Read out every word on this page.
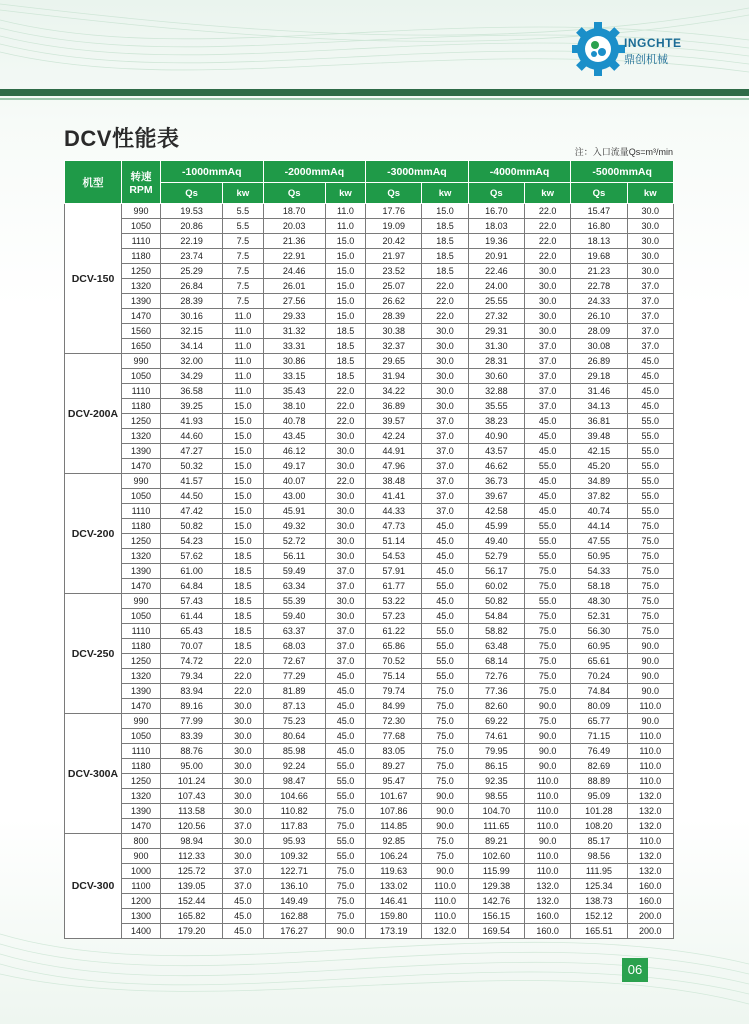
INGCHTE
鼎创机械
DCV性能表
注：入口流量Qs=m³/min
机型	转速
RPM	-1000mmAq		-2000mmAq		-3000mmAq		-4000mmAq		-5000mmAq	
		Qs	kw	Qs	kw	Qs	kw	Qs	kw	Qs	kw
DCV-150	990	19.53	5.5	18.70	11.0	17.76	15.0	16.70	22.0	15.47	30.0
	1050	20.86	5.5	20.03	11.0	19.09	18.5	18.03	22.0	16.80	30.0
	1110	22.19	7.5	21.36	15.0	20.42	18.5	19.36	22.0	18.13	30.0
	1180	23.74	7.5	22.91	15.0	21.97	18.5	20.91	22.0	19.68	30.0
	1250	25.29	7.5	24.46	15.0	23.52	18.5	22.46	30.0	21.23	30.0
	1320	26.84	7.5	26.01	15.0	25.07	22.0	24.00	30.0	22.78	37.0
	1390	28.39	7.5	27.56	15.0	26.62	22.0	25.55	30.0	24.33	37.0
	1470	30.16	11.0	29.33	15.0	28.39	22.0	27.32	30.0	26.10	37.0
	1560	32.15	11.0	31.32	18.5	30.38	30.0	29.31	30.0	28.09	37.0
	1650	34.14	11.0	33.31	18.5	32.37	30.0	31.30	37.0	30.08	37.0
DCV-200A	990	32.00	11.0	30.86	18.5	29.65	30.0	28.31	37.0	26.89	45.0
	1050	34.29	11.0	33.15	18.5	31.94	30.0	30.60	37.0	29.18	45.0
	1110	36.58	11.0	35.43	22.0	34.22	30.0	32.88	37.0	31.46	45.0
	1180	39.25	15.0	38.10	22.0	36.89	30.0	35.55	37.0	34.13	45.0
	1250	41.93	15.0	40.78	22.0	39.57	37.0	38.23	45.0	36.81	55.0
	1320	44.60	15.0	43.45	30.0	42.24	37.0	40.90	45.0	39.48	55.0
	1390	47.27	15.0	46.12	30.0	44.91	37.0	43.57	45.0	42.15	55.0
	1470	50.32	15.0	49.17	30.0	47.96	37.0	46.62	55.0	45.20	55.0
DCV-200	990	41.57	15.0	40.07	22.0	38.48	37.0	36.73	45.0	34.89	55.0
	1050	44.50	15.0	43.00	30.0	41.41	37.0	39.67	45.0	37.82	55.0
	1110	47.42	15.0	45.91	30.0	44.33	37.0	42.58	45.0	40.74	55.0
	1180	50.82	15.0	49.32	30.0	47.73	45.0	45.99	55.0	44.14	75.0
	1250	54.23	15.0	52.72	30.0	51.14	45.0	49.40	55.0	47.55	75.0
	1320	57.62	18.5	56.11	30.0	54.53	45.0	52.79	55.0	50.95	75.0
	1390	61.00	18.5	59.49	37.0	57.91	45.0	56.17	75.0	54.33	75.0
	1470	64.84	18.5	63.34	37.0	61.77	55.0	60.02	75.0	58.18	75.0
DCV-250	990	57.43	18.5	55.39	30.0	53.22	45.0	50.82	55.0	48.30	75.0
	1050	61.44	18.5	59.40	30.0	57.23	45.0	54.84	75.0	52.31	75.0
	1110	65.43	18.5	63.37	37.0	61.22	55.0	58.82	75.0	56.30	75.0
	1180	70.07	18.5	68.03	37.0	65.86	55.0	63.48	75.0	60.95	90.0
	1250	74.72	22.0	72.67	37.0	70.52	55.0	68.14	75.0	65.61	90.0
	1320	79.34	22.0	77.29	45.0	75.14	55.0	72.76	75.0	70.24	90.0
	1390	83.94	22.0	81.89	45.0	79.74	75.0	77.36	75.0	74.84	90.0
	1470	89.16	30.0	87.13	45.0	84.99	75.0	82.60	90.0	80.09	110.0
DCV-300A	990	77.99	30.0	75.23	45.0	72.30	75.0	69.22	75.0	65.77	90.0
	1050	83.39	30.0	80.64	45.0	77.68	75.0	74.61	90.0	71.15	110.0
	1110	88.76	30.0	85.98	45.0	83.05	75.0	79.95	90.0	76.49	110.0
	1180	95.00	30.0	92.24	55.0	89.27	75.0	86.15	90.0	82.69	110.0
	1250	101.24	30.0	98.47	55.0	95.47	75.0	92.35	110.0	88.89	110.0
	1320	107.43	30.0	104.66	55.0	101.67	90.0	98.55	110.0	95.09	132.0
	1390	113.58	30.0	110.82	75.0	107.86	90.0	104.70	110.0	101.28	132.0
	1470	120.56	37.0	117.83	75.0	114.85	90.0	111.65	110.0	108.20	132.0
DCV-300	800	98.94	30.0	95.93	55.0	92.85	75.0	89.21	90.0	85.17	110.0
	900	112.33	30.0	109.32	55.0	106.24	75.0	102.60	110.0	98.56	132.0
	1000	125.72	37.0	122.71	75.0	119.63	90.0	115.99	110.0	111.95	132.0
	1100	139.05	37.0	136.10	75.0	133.02	110.0	129.38	132.0	125.34	160.0
	1200	152.44	45.0	149.49	75.0	146.41	110.0	142.76	132.0	138.73	160.0
	1300	165.82	45.0	162.88	75.0	159.80	110.0	156.15	160.0	152.12	200.0
	1400	179.20	45.0	176.27	90.0	173.19	132.0	169.54	160.0	165.51	200.0
06
